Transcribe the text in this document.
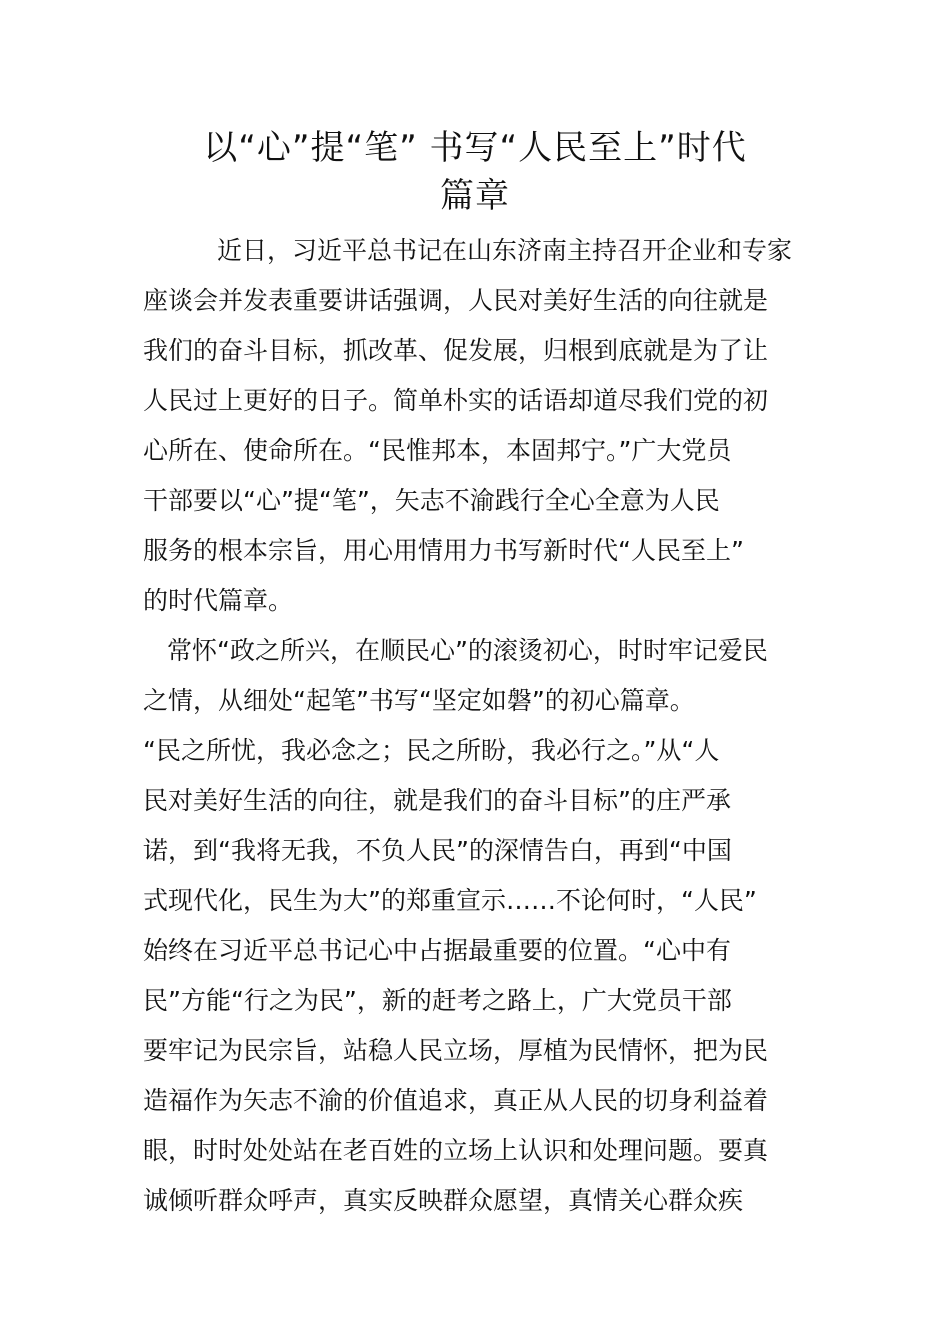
以“心”提“笔” 书写“人民至上”时代
篇章
近日，习近平总书记在山东济南主持召开企业和专家
座谈会并发表重要讲话强调，人民对美好生活的向往就是
我们的奋斗目标，抓改革、促发展，归根到底就是为了让
人民过上更好的日子。简单朴实的话语却道尽我们党的初
心所在、使命所在。“民惟邦本，本固邦宁。”广大党员
干部要以“心”提“笔”，矢志不渝践行全心全意为人民
服务的根本宗旨，用心用情用力书写新时代“人民至上”
的时代篇章。
常怀“政之所兴，在顺民心”的滚烫初心，时时牢记爱民
之情，从细处“起笔”书写“坚定如磐”的初心篇章。
“民之所忧，我必念之；民之所盼，我必行之。”从“人
民对美好生活的向往，就是我们的奋斗目标”的庄严承
诺，到“我将无我，不负人民”的深情告白，再到“中国
式现代化，民生为大”的郑重宣示……不论何时，“人民”
始终在习近平总书记心中占据最重要的位置。“心中有
民”方能“行之为民”，新的赶考之路上，广大党员干部
要牢记为民宗旨，站稳人民立场，厚植为民情怀，把为民
造福作为矢志不渝的价值追求，真正从人民的切身利益着
眼，时时处处站在老百姓的立场上认识和处理问题。要真
诚倾听群众呼声，真实反映群众愿望，真情关心群众疾
